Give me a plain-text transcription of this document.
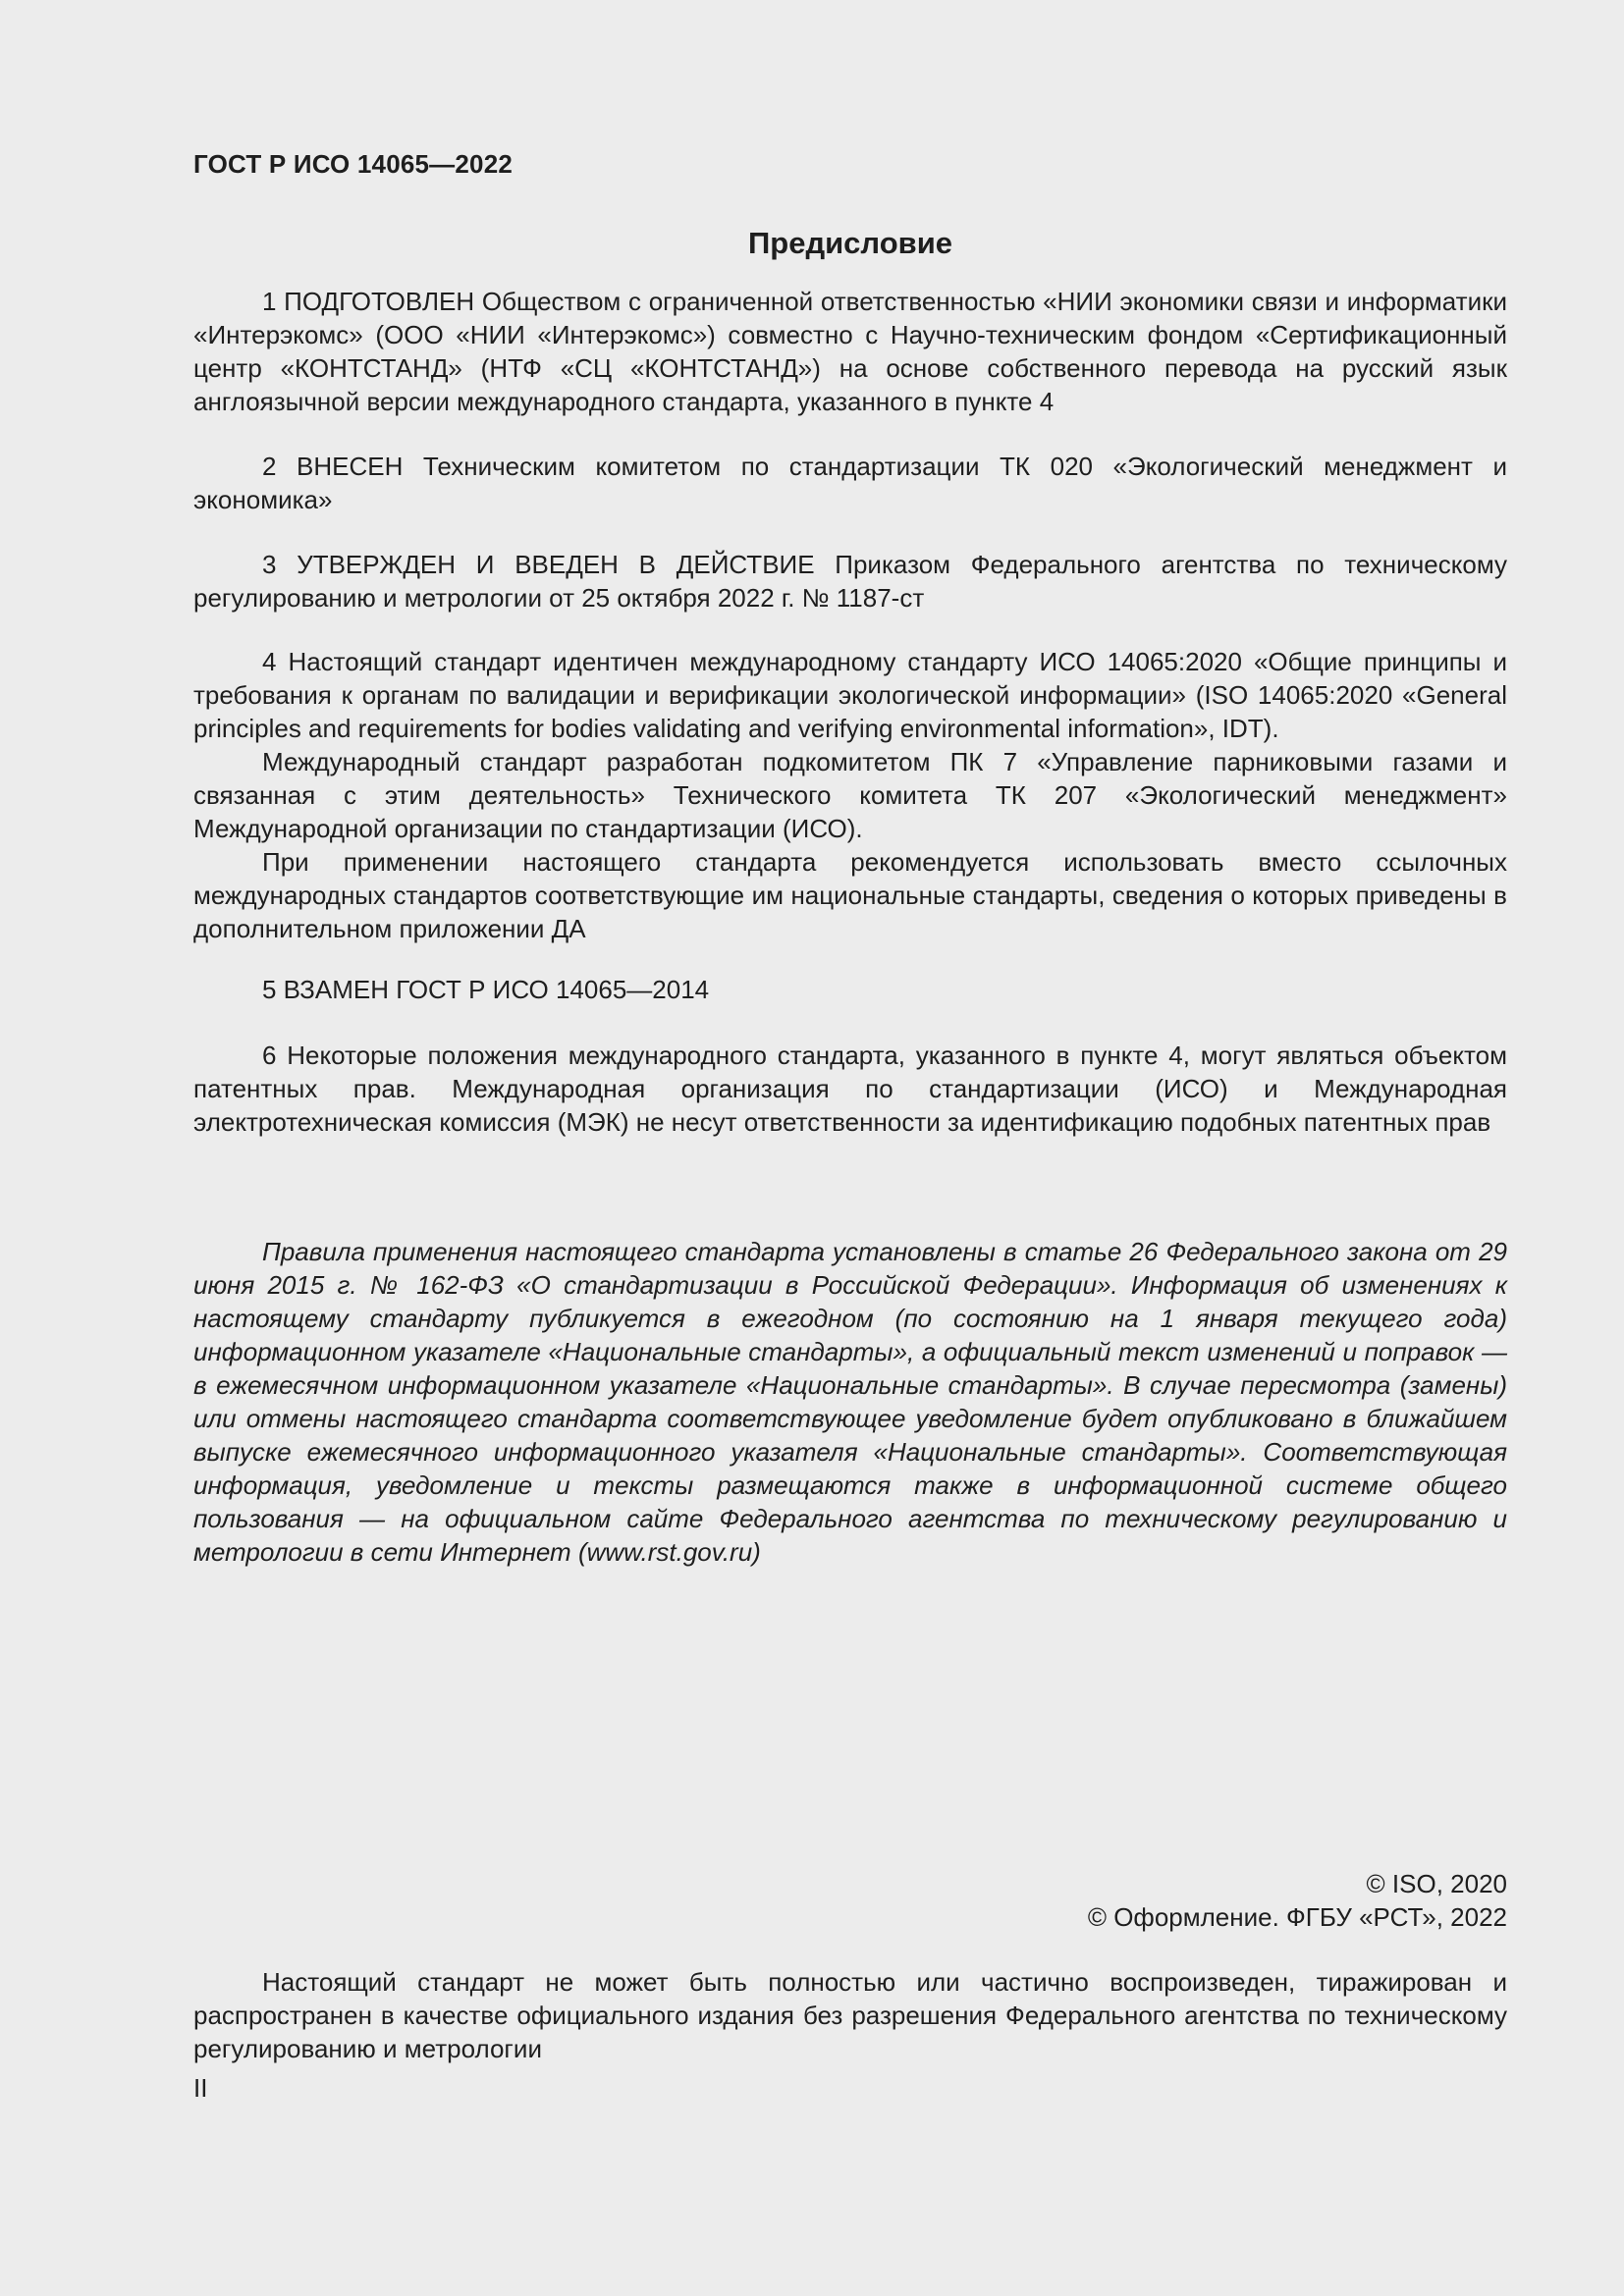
ГОСТ Р ИСО 14065—2022
Предисловие

1 ПОДГОТОВЛЕН Обществом с ограниченной ответственностью «НИИ экономики связи и информатики «Интерэкомс» (ООО «НИИ «Интерэкомс») совместно с Научно-техническим фондом «Сертификационный центр «КОНТСТАНД» (НТФ «СЦ «КОНТСТАНД») на основе собственного перевода на русский язык англоязычной версии международного стандарта, указанного в пункте 4

2 ВНЕСЕН Техническим комитетом по стандартизации ТК 020 «Экологический менеджмент и экономика»

3 УТВЕРЖДЕН И ВВЕДЕН В ДЕЙСТВИЕ Приказом Федерального агентства по техническому регулированию и метрологии от 25 октября 2022 г. № 1187-ст

4 Настоящий стандарт идентичен международному стандарту ИСО 14065:2020 «Общие принципы и требования к органам по валидации и верификации экологической информации» (ISO 14065:2020 «General principles and requirements for bodies validating and verifying environmental information», IDT).

Международный стандарт разработан подкомитетом ПК 7 «Управление парниковыми газами и связанная с этим деятельность» Технического комитета ТК 207 «Экологический менеджмент» Международной организации по стандартизации (ИСО).

При применении настоящего стандарта рекомендуется использовать вместо ссылочных международных стандартов соответствующие им национальные стандарты, сведения о которых приведены в дополнительном приложении ДА

5 ВЗАМЕН ГОСТ Р ИСО 14065—2014

6 Некоторые положения международного стандарта, указанного в пункте 4, могут являться объектом патентных прав. Международная организация по стандартизации (ИСО) и Международная электротехническая комиссия (МЭК) не несут ответственности за идентификацию подобных патентных прав

Правила применения настоящего стандарта установлены в статье 26 Федерального закона от 29 июня 2015 г. № 162-ФЗ «О стандартизации в Российской Федерации». Информация об изменениях к настоящему стандарту публикуется в ежегодном (по состоянию на 1 января текущего года) информационном указателе «Национальные стандарты», а официальный текст изменений и поправок — в ежемесячном информационном указателе «Национальные стандарты». В случае пересмотра (замены) или отмены настоящего стандарта соответствующее уведомление будет опубликовано в ближайшем выпуске ежемесячного информационного указателя «Национальные стандарты». Соответствующая информация, уведомление и тексты размещаются также в информационной системе общего пользования — на официальном сайте Федерального агентства по техническому регулированию и метрологии в сети Интернет (www.rst.gov.ru)

© ISO, 2020
© Оформление. ФГБУ «РСТ», 2022

Настоящий стандарт не может быть полностью или частично воспроизведен, тиражирован и распространен в качестве официального издания без разрешения Федерального агентства по техническому регулированию и метрологии

II
